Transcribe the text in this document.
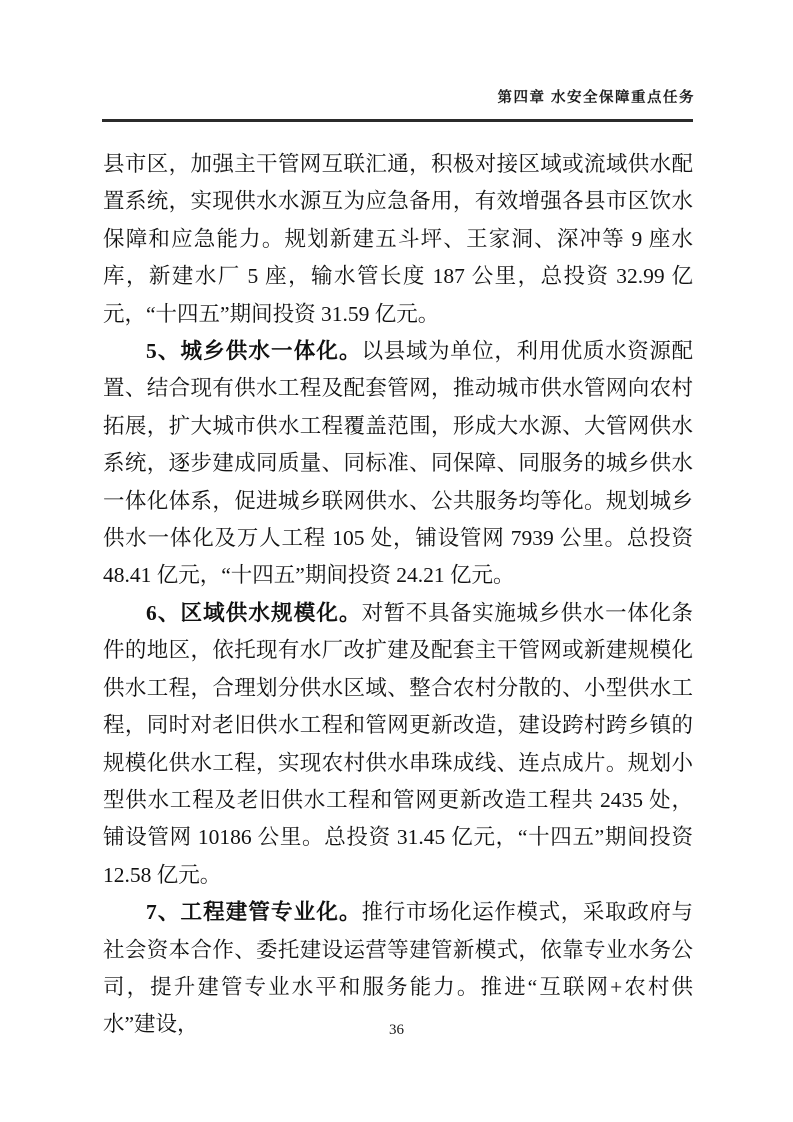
第四章 水安全保障重点任务

县市区，加强主干管网互联汇通，积极对接区域或流域供水配置系统，实现供水水源互为应急备用，有效增强各县市区饮水保障和应急能力。规划新建五斗坪、王家洞、深冲等 9 座水库，新建水厂 5 座，输水管长度 187 公里，总投资 32.99 亿元，“十四五”期间投资 31.59 亿元。

5、城乡供水一体化。以县域为单位，利用优质水资源配置、结合现有供水工程及配套管网，推动城市供水管网向农村拓展，扩大城市供水工程覆盖范围，形成大水源、大管网供水系统，逐步建成同质量、同标准、同保障、同服务的城乡供水一体化体系，促进城乡联网供水、公共服务均等化。规划城乡供水一体化及万人工程 105 处，铺设管网 7939 公里。总投资 48.41 亿元，“十四五”期间投资 24.21 亿元。

6、区域供水规模化。对暂不具备实施城乡供水一体化条件的地区，依托现有水厂改扩建及配套主干管网或新建规模化供水工程，合理划分供水区域、整合农村分散的、小型供水工程，同时对老旧供水工程和管网更新改造，建设跨村跨乡镇的规模化供水工程，实现农村供水串珠成线、连点成片。规划小型供水工程及老旧供水工程和管网更新改造工程共 2435 处，铺设管网 10186 公里。总投资 31.45 亿元，“十四五”期间投资 12.58 亿元。

7、工程建管专业化。推行市场化运作模式，采取政府与社会资本合作、委托建设运营等建管新模式，依靠专业水务公司，提升建管专业水平和服务能力。推进“互联网+农村供水”建设，	36
